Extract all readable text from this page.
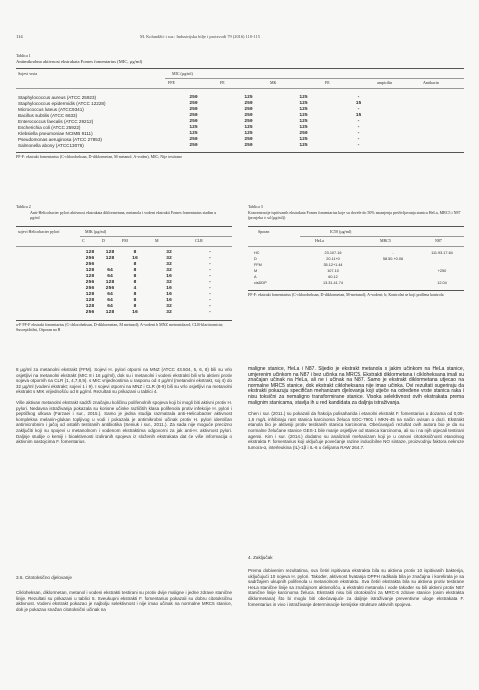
114	M. Kolundžić i sur.: Industrijska bilje i proizvodi 79 (2016) 110-115
Tablica 1
Antimikrobna aktivnost ekstrakata Fomes fomentarius (MIC, µg/ml)
Sojevi vrsta	MIC (µg/ml)
FFE	FE	MK	FE	ampicilin	Amikacin
Staphylococcus aureus (ATCC 25923)	250	125	125	-	
Staphylococcus epidermidis (ATCC 12228)	250	250	125	15	
Micrococcus luteus (ATCC9341)	250	250	125	-	
Bacillus subtilis (ATCC 6633)	250	250	125	15	
Enterococcus faecalis (ATCC 29212)	250	250	125	-	
Escherichia coli (ATCC 25922)	125	125	125	-	
Klebsiella pneumoniae NCIMB 9111)	125	125	250	-	
Pseudomonas aeruginosa (ATCC 27853)	250	250	125	-	
Salmonella abony (ATCC13076)	250	250	125	-	
FF-F: ekstrakt fomentarius (C-chloroheksan, D-diklormetan, M metanol, A-voden), MIC; Nije testirano
Tablica 2
Anti-Helicobacter pylori aktivnost ekstrakata diklormetana, metanola i vodeni ekstrakti Fomes fomentarius stadim u µg/ml
sojevi Helicobacter pylori	MIK (µg/ml)
C	D	FM	M	CLR
	128	128	8	32	-
	256	128	16	32	-
	256		8	32	-
	128	64	8	32	-
	128	64	8	16	-
	256	128	8	32	-
	256	256	4	16	-
	128	64	8	16	-
	128	64	8	16	-
	128	64	8	32	-
	256	128	16	32	-
a-F FF-F ekstrakt fomentarius (C-chloroheksan, D-diklormetan, M metanol); A-vodeni b MNZ metronidazol; CLR-klaritromicin; Susceptibilni, Otporan na R
Tablica 3
Koncentracije ispitivanih ekstrakata Fomes fomentarius koje su dovele do 50% smanjenja preživljavanja stanica HeLa, MRC5 i N87 (prosjeka ± sd (µg/ml))
Sporan	IC50 (µg/ml)
HeLa	MRC5	N87
HC	23.107.16	-	111.93.17.64
D	20.11+0	58.50.+0.06	
FFM	35.12+1.44		
M	107.10		+250
A	60.12		
cisDDP	13.31.41.74		12.04
FF-F: ekstrakt fomentarius (C-chloroheksan, D-diklormetan, M-metanol); A-vodeni; b; Kontrolni se koji podlena kontrola

8 µg/ml za metanolni ekstrakt (FFM). Sojevi H. pylori otporni na MNZ (ATCC 43.504, 5, 6, 8) bili su vrlo osjetljivi na metanolni ekstrakt (MIC 8 i 16 µg/ml), dok su i metanolni i vodeni ekstrakti bili vrlo aktivni protiv sojeva otpornih na CLR (1, 4,7,8,9). s MIC vrijednostima u rasponu od 4 µg/ml (metanolni ekstrakt, soj 4) do 32 µg/ml (vodeni ekstrakt; sojevi 1 i 9). I sojevi otporni na MNZ i CLR (8-9) bili su vrlo osjetljivi na metanolni ekstrakt s MIK vrijednošću od 8 µg/ml. Rezultati su prikazani u tablici 4.

Više aktivan metanolni ekstrakt sadrži značajnu količinu polifenolnih spojeva koji bi mogli biti aktivni protiv H. pylori. Nedavna istraživanja pokazala su korisne učinke različitih klasa polifenola protiv infekcije H. pylori i peptičkog ulkusa (Farzaei i sur., 2015.). Samo je jedna studija razmatrala anti-Helicobacter aktivnost kompleksa melanin-glukan topljivog u vodi i pokazala je antimikrobni učinak protiv H. pylori identičan antimicrobnim i jačoj od ostalih testiranih antibiotika (Seniuk i sur., 2011.). Za sada nije moguće precizno zaključiti koji su spojevi u metanolnom i vodenom ekstraktima odgovorni za jak anti-H. aktivnost pylori. Daljnje studije o kemiji i bioaktivnosti izoliranih spojeva iz složenih ekstrakata dat će više informacija o aktivnim sastojcima F. fomentarius.

3.6. Citotoksično djelovanje

Cikloheksan, diklormetan, metanol i vodeni ekstrakti testirani su protiv dvije maligne i jedne zdrave stanične linije. Rezultati su prikazani u tablici 5. Sveukupni ekstrakti F. fomentarius pokazali su dobru citotoksičnu aktivnost. Vodeni ekstrakt pokazao je najbolju selektivnost i nije imao učinak na normalne MRC5 stanice, dok je pokazao snažan citotoksični učinak na

maligne stanice, HeLa i N87. Sljedio je ekstrakt metanola s jakim učinkom na HeLa stanice, umjerenim učinkom na N87 i bez učinka na MRC5. Ekstrakti diklormetana i cikloheksana imali su značajan učinak na HeLa, ali ne i učinak na N87. Samo je ekstrakt diklormetana utjecao na normalne MRC5 stanice, dok ekstrakt cikloheksana nije imao učinka. Ovi rezultati sugeriraju da ekstrakti pokazuju specifičan mehanizam djelovanja koji utječe na određene vrste stanica raka i nisu toksični za nemaligno transformirane stanice. Visoka selektivnost ovih ekstrakata prema malignim stanicama, stavlja ih u red kandidata za daljnja istraživanja.

Chen i sur. (2011.) su pokazali da frakcija polisaharida i etanolni ekstrakt F. fomentarius u dozama od 0,05-1,6 mg/L inhibiraju rast stanica karcinoma želuca SGC-7901 i MKN-45 na način ovisan o dozi. Ekstrakt etanola bio je aktivniji protiv testiranih stanica karcinoma. Obećavajući rezultat ovih autora bio je da su normalne želučane stanice GES-1 bile manje osjetljive od stanica karcinoma, ali su i na njih utjecali testirani agensi. Kim i sur. (2014.) dodatno su analizirali mehanizam koji je u osnovi citotoksičnosti etanolnog ekstrakta F. fomentarius koji uključuje povećanje razine inducibilne NO sintaze, proizvodnju faktora nekroze tumora-α, interleukina (IL)-1β i IL-6 u ćelijama RAW 264.7.

4. Zaključak

Prema dobivenim rezultatima, sva četiri ispitivana ekstrakta bila su aktivna protiv 10 ispitivanih bakterija, uključujući 10 sojeva H. pylori. Također, aktivnost hvatanja DPPH radikala bila je značajna i korelirala je sa sadržajem ukupnih polifenola u metanolnom ekstraktu. Sva četiri ekstrakta bila su aktivna protiv testirane HeLa stanične linije sa značajnom aktivnošću, a ekstrakti metanola i vode također su bili aktivni protiv N87 stanične linije karcinoma želuca. Ekstrakti nisu bili citotoksični za MRC-5 zdrave stanice (osim ekstrakta diklormetana) što bi moglo biti obećavajuće za daljnje istraživanje preventivne uloge ekstrakata F. fomentarius in vivo i istraživanje determinacije kemijske strukture aktivnih spojeva.
